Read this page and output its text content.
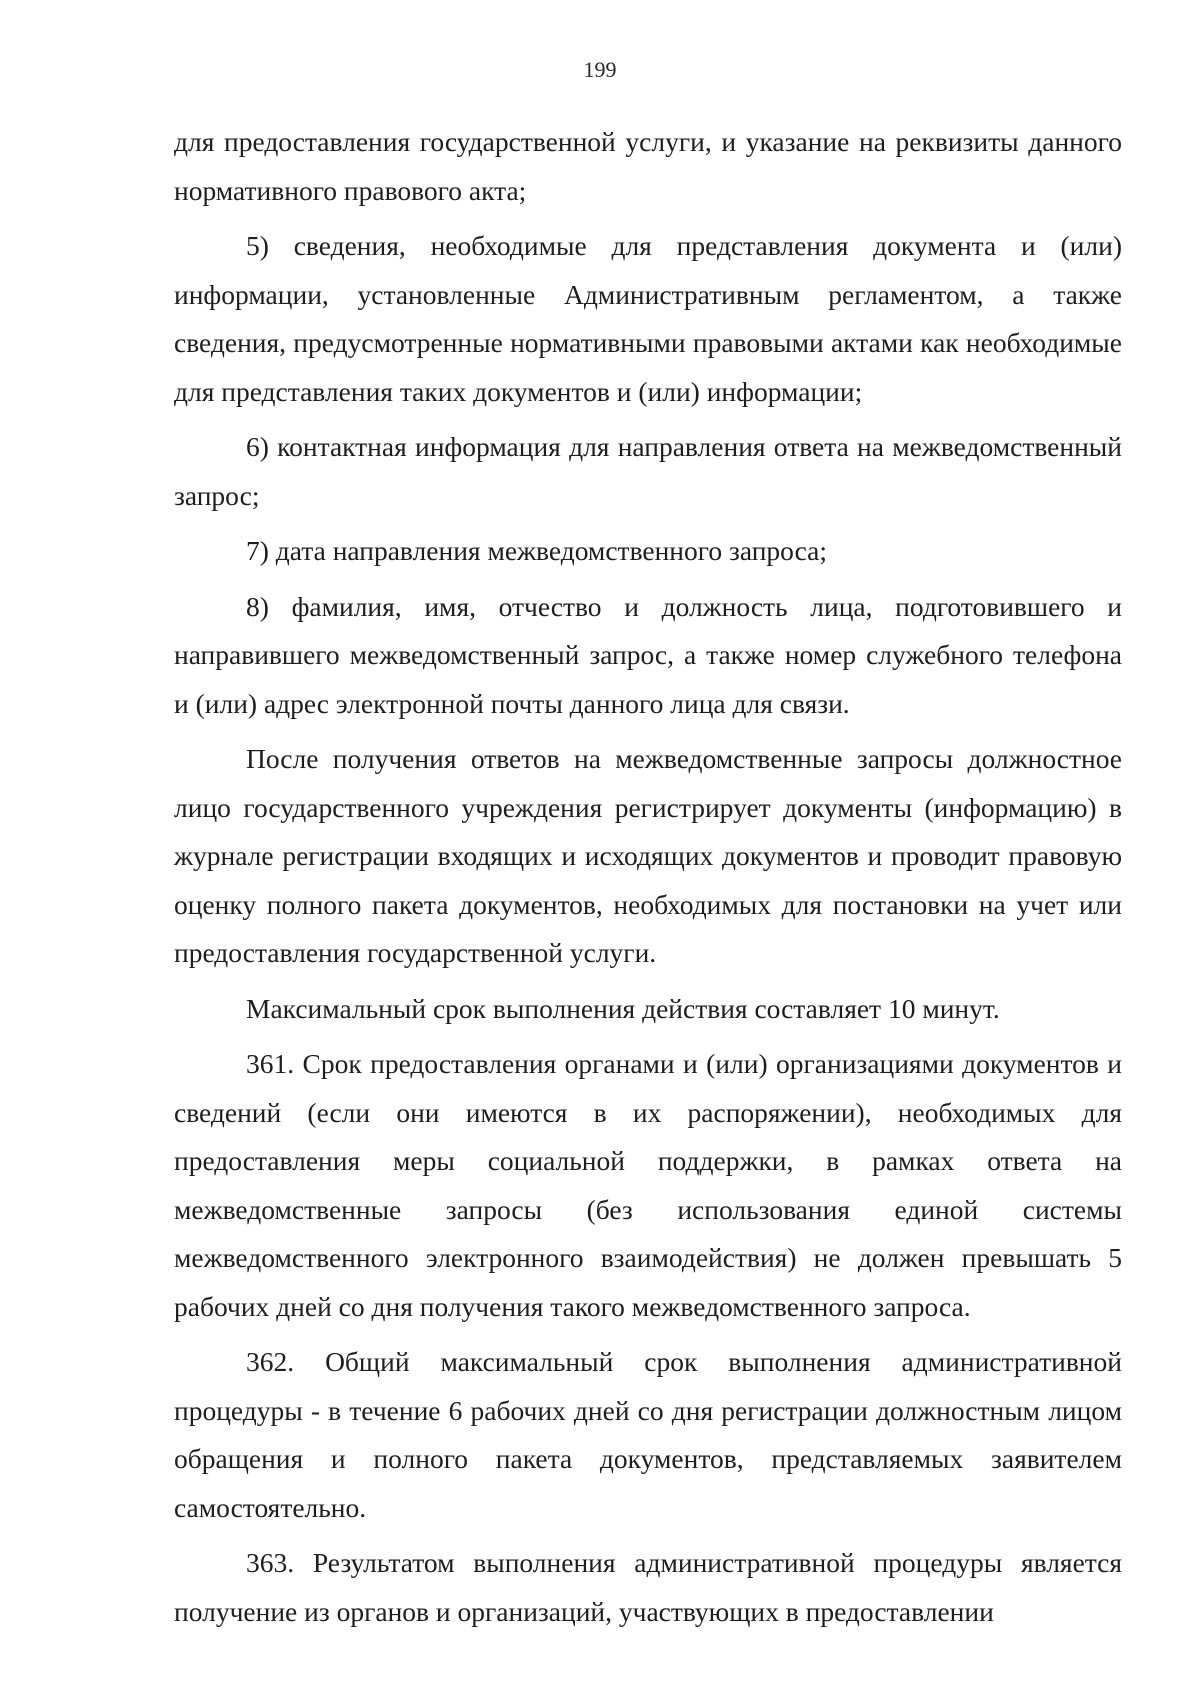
199

для предоставления государственной услуги, и указание на реквизиты данного нормативного правового акта;

5) сведения, необходимые для представления документа и (или) информации, установленные Административным регламентом, а также сведения, предусмотренные нормативными правовыми актами как необходимые для представления таких документов и (или) информации;

6) контактная информация для направления ответа на межведомственный запрос;

7) дата направления межведомственного запроса;

8) фамилия, имя, отчество и должность лица, подготовившего и направившего межведомственный запрос, а также номер служебного телефона и (или) адрес электронной почты данного лица для связи.

После получения ответов на межведомственные запросы должностное лицо государственного учреждения регистрирует документы (информацию) в журнале регистрации входящих и исходящих документов и проводит правовую оценку полного пакета документов, необходимых для постановки на учет или предоставления государственной услуги.

Максимальный срок выполнения действия составляет 10 минут.

361. Срок предоставления органами и (или) организациями документов и сведений (если они имеются в их распоряжении), необходимых для предоставления меры социальной поддержки, в рамках ответа на межведомственные запросы (без использования единой системы межведомственного электронного взаимодействия) не должен превышать 5 рабочих дней со дня получения такого межведомственного запроса.

362. Общий максимальный срок выполнения административной процедуры - в течение 6 рабочих дней со дня регистрации должностным лицом обращения и полного пакета документов, представляемых заявителем самостоятельно.

363. Результатом выполнения административной процедуры является получение из органов и организаций, участвующих в предоставлении
